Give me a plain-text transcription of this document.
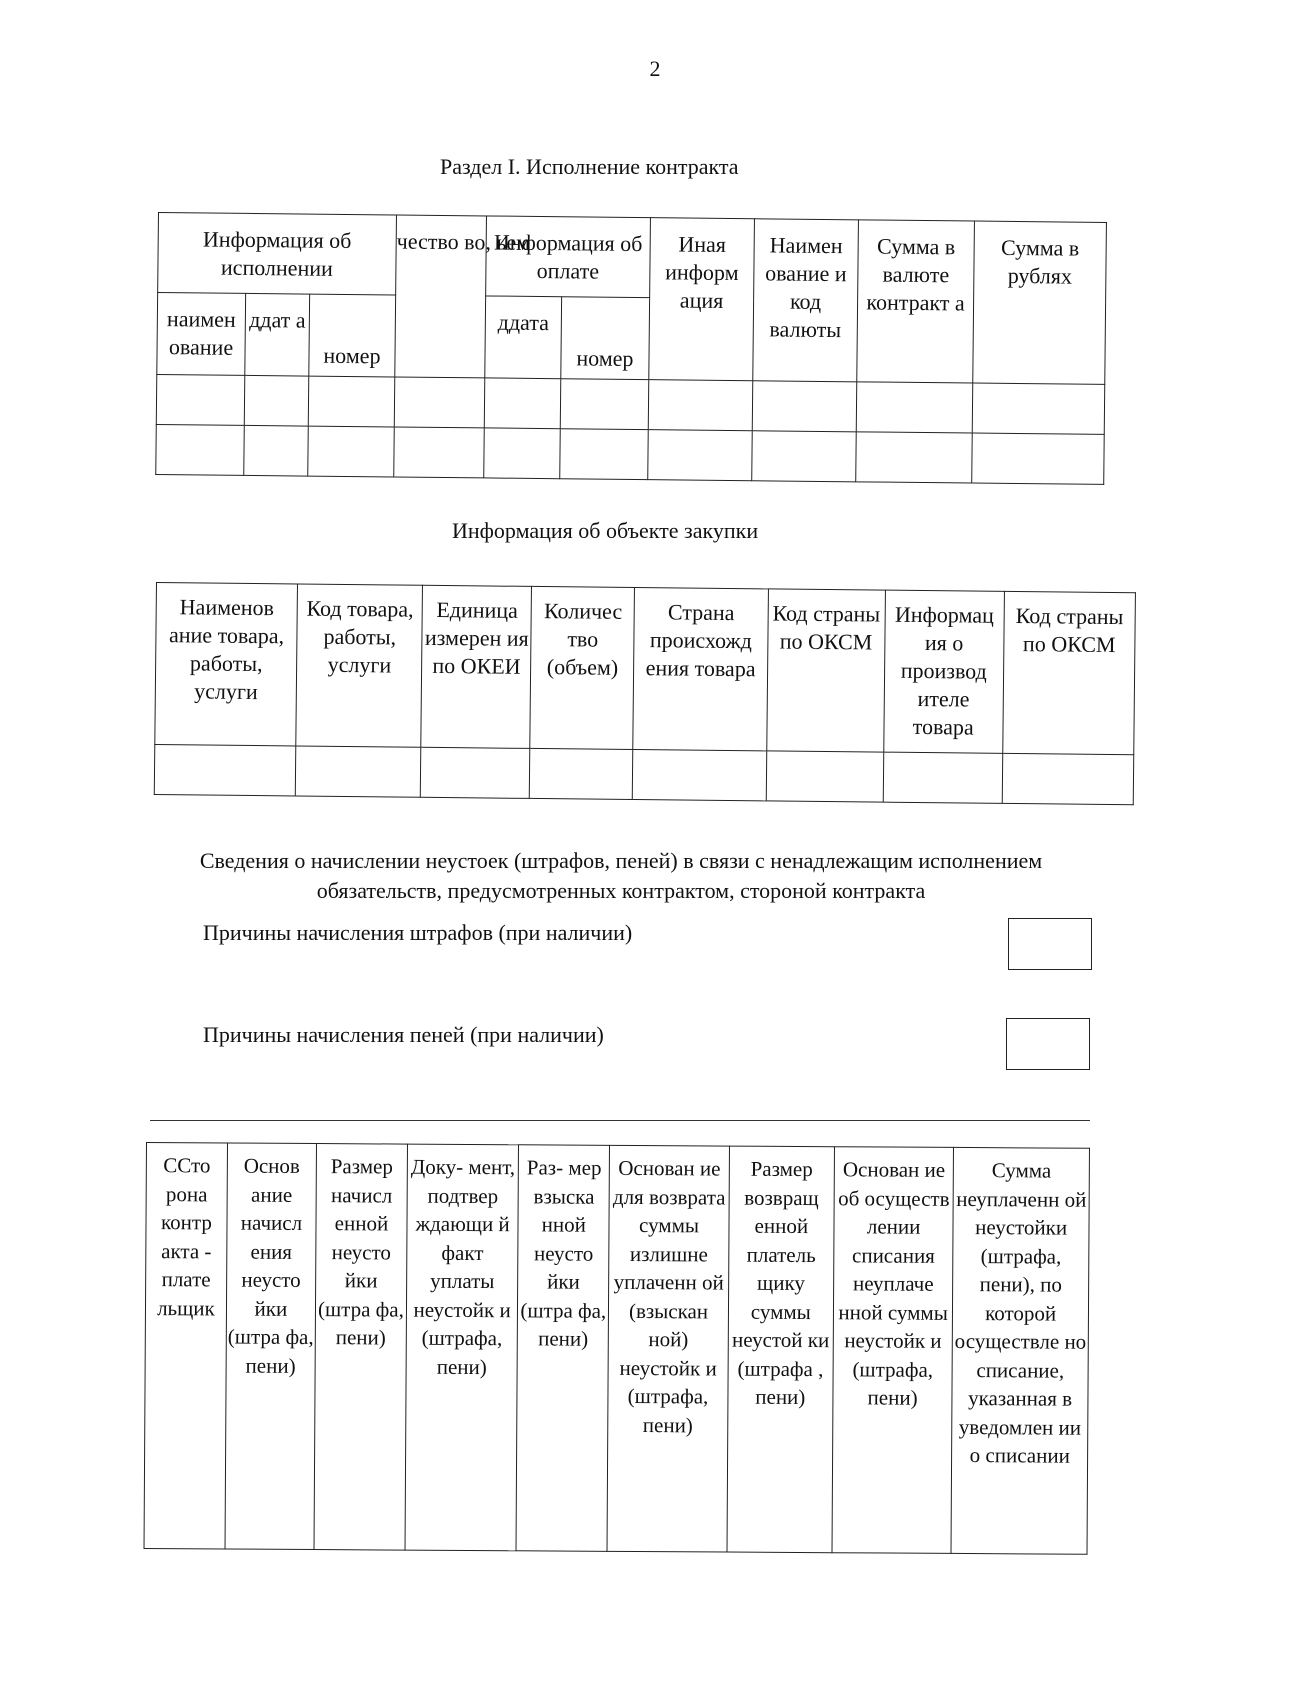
2
Раздел I. Исполнение контракта
Информация об исполнении			чество во, ьем	Информация об оплате		Иная информ ация	Наимен ование и код валюты	Сумма в валюте контракт а	Сумма в рублях
наимен ование	ддат а	номер		ддата	номер				

Информация об объекте закупки
Наименов ание товара, работы, услуги	Код товара, работы, услуги	Единица измерен ия по ОКЕИ	Количес тво (объем)	Страна происхожд ения товара	Код страны по ОКСМ	Информац ия о производ ителе товара	Код страны по ОКСМ

Сведения о начислении неустоек (штрафов, пеней) в связи с ненадлежащим исполнением обязательств, предусмотренных контрактом, стороной контракта
Причины начисления штрафов (при наличии)
Причины начисления пеней (при наличии)
ССто рона контр акта - плате льщик	Основ ание начисл ения неусто йки (штра фа, пени)	Размер начисл енной неусто йки (штра фа, пени)	Доку- мент, подтвер ждающи й факт уплаты неустойк и (штрафа, пени)	Раз- мер взыска нной неусто йки (штра фа, пени)	Основан ие для возврата суммы излишне уплаченн ой (взыскан ной) неустойк и (штрафа, пени)	Размер возвращ енной платель щику суммы неустой ки (штрафа , пени)	Основан ие об осуществ лении списания неуплаче нной суммы неустойк и (штрафа, пени)	Сумма неуплаченн ой неустойки (штрафа, пени), по которой осуществле но списание, указанная в уведомлен ии о списании
